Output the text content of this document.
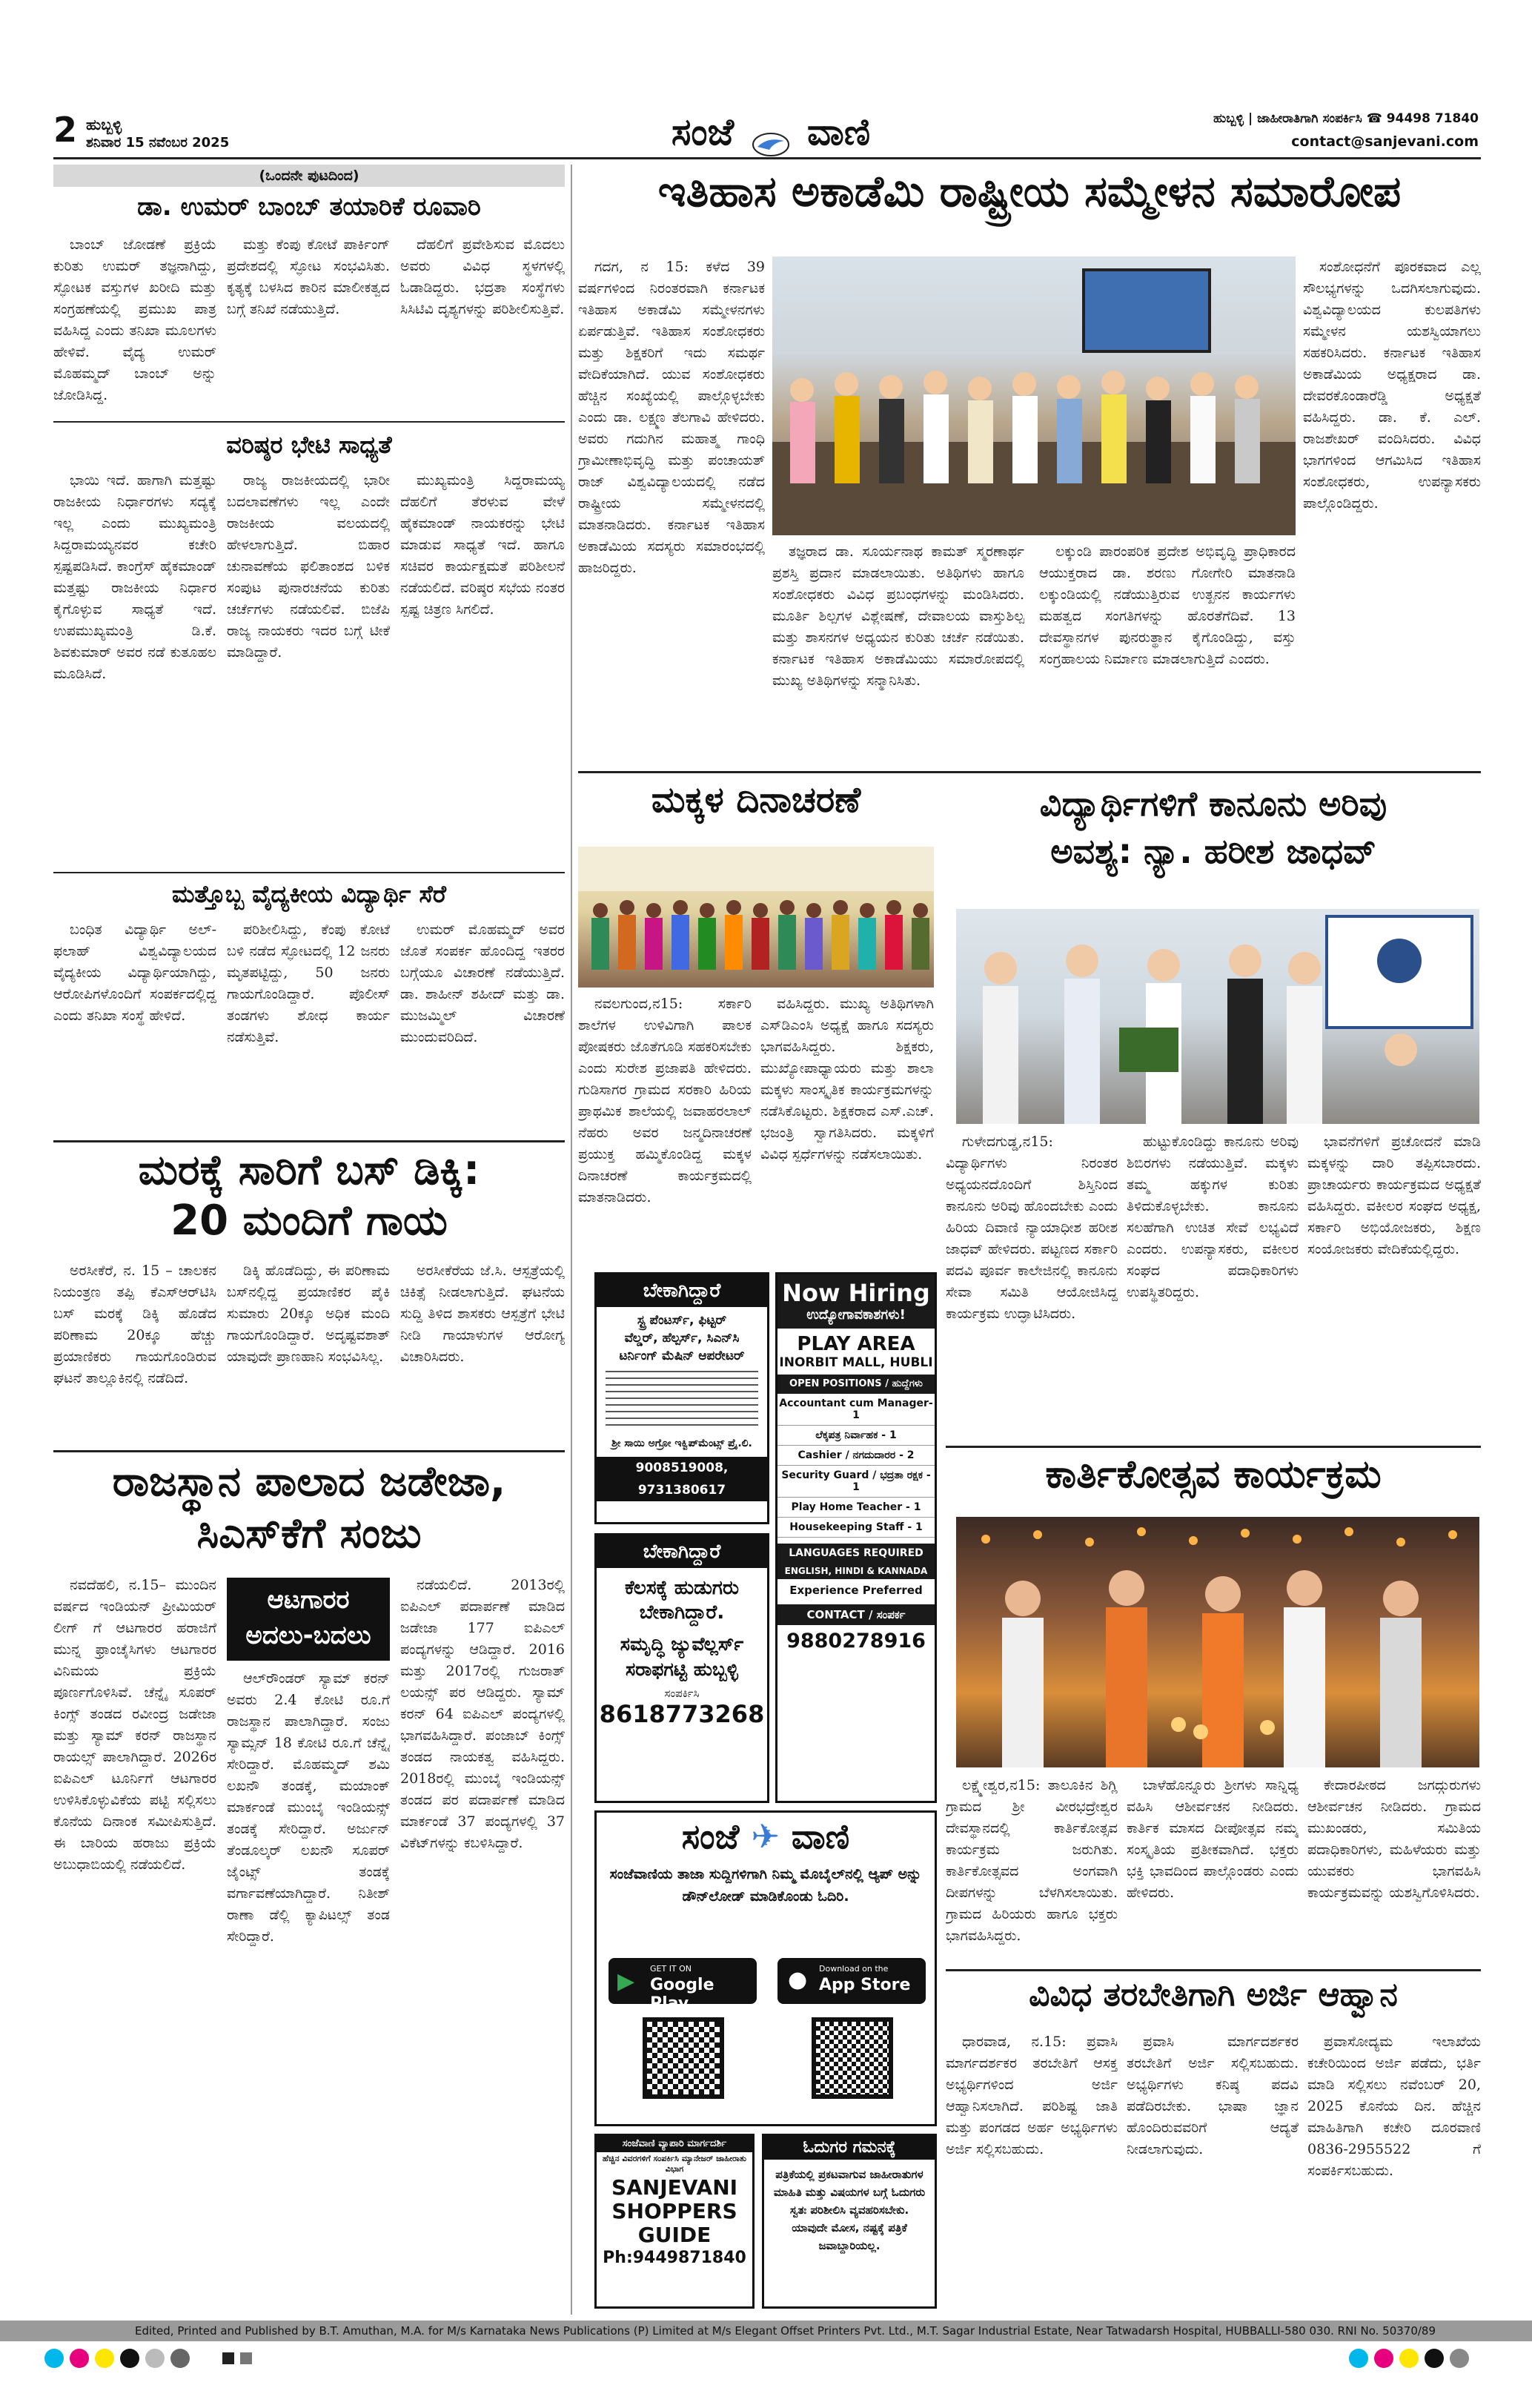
2 ಹುಬ್ಬಳ್ಳಿ
ಶನಿವಾರ 15 ನವೆಂಬರ 2025	ಸಂಜೆ ವಾಣಿ	ಹುಬ್ಬಳ್ಳಿ | ಜಾಹೀರಾತಿಗಾಗಿ ಸಂಪರ್ಕಿಸಿ ☎ 94498 71840
contact@sanjevani.com
(ಒಂದನೇ ಪುಟದಿಂದ)
ಡಾ. ಉಮರ್ ಬಾಂಬ್ ತಯಾರಿಕೆ ರೂವಾರಿ

ಬಾಂಬ್ ಜೋಡಣೆ ಪ್ರಕ್ರಿಯೆ ಕುರಿತು ಉಮರ್ ತಜ್ಞನಾಗಿದ್ದು, ಸ್ಫೋಟಕ ವಸ್ತುಗಳ ಖರೀದಿ ಮತ್ತು ಸಂಗ್ರಹಣೆಯಲ್ಲಿ ಪ್ರಮುಖ ಪಾತ್ರ ವಹಿಸಿದ್ದ ಎಂದು ತನಿಖಾ ಮೂಲಗಳು ಹೇಳಿವೆ. ವೈದ್ಯ ಉಮರ್ ಮೊಹಮ್ಮದ್ ಬಾಂಬ್ ಅನ್ನು ಜೋಡಿಸಿದ್ದ.

ಮತ್ತು ಕೆಂಪು ಕೋಟೆ ಪಾರ್ಕಿಂಗ್ ಪ್ರದೇಶದಲ್ಲಿ ಸ್ಫೋಟ ಸಂಭವಿಸಿತು. ಕೃತ್ಯಕ್ಕೆ ಬಳಸಿದ ಕಾರಿನ ಮಾಲೀಕತ್ವದ ಬಗ್ಗೆ ತನಿಖೆ ನಡೆಯುತ್ತಿದೆ.

ದೆಹಲಿಗೆ ಪ್ರವೇಶಿಸುವ ಮೊದಲು ಅವರು ವಿವಿಧ ಸ್ಥಳಗಳಲ್ಲಿ ಓಡಾಡಿದ್ದರು. ಭದ್ರತಾ ಸಂಸ್ಥೆಗಳು ಸಿಸಿಟಿವಿ ದೃಶ್ಯಗಳನ್ನು ಪರಿಶೀಲಿಸುತ್ತಿವೆ.

ವರಿಷ್ಠರ ಭೇಟಿ ಸಾಧ್ಯತೆ

ಭಾಯಿ ಇದೆ. ಹಾಗಾಗಿ ಮತ್ತಷ್ಟು ರಾಜಕೀಯ ನಿರ್ಧಾರಗಳು ಸದ್ಯಕ್ಕೆ ಇಲ್ಲ ಎಂದು ಮುಖ್ಯಮಂತ್ರಿ ಸಿದ್ದರಾಮಯ್ಯನವರ ಕಚೇರಿ ಸ್ಪಷ್ಟಪಡಿಸಿದೆ. ಕಾಂಗ್ರೆಸ್ ಹೈಕಮಾಂಡ್ ಮತ್ತಷ್ಟು ರಾಜಕೀಯ ನಿರ್ಧಾರ ಕೈಗೊಳ್ಳುವ ಸಾಧ್ಯತೆ ಇದೆ. ಉಪಮುಖ್ಯಮಂತ್ರಿ ಡಿ.ಕೆ. ಶಿವಕುಮಾರ್ ಅವರ ನಡೆ ಕುತೂಹಲ ಮೂಡಿಸಿದೆ.

ರಾಜ್ಯ ರಾಜಕೀಯದಲ್ಲಿ ಭಾರೀ ಬದಲಾವಣೆಗಳು ಇಲ್ಲ ಎಂದೇ ರಾಜಕೀಯ ವಲಯದಲ್ಲಿ ಹೇಳಲಾಗುತ್ತಿದೆ. ಬಿಹಾರ ಚುನಾವಣೆಯ ಫಲಿತಾಂಶದ ಬಳಿಕ ಸಂಪುಟ ಪುನಾರಚನೆಯ ಕುರಿತು ಚರ್ಚೆಗಳು ನಡೆಯಲಿವೆ. ಬಿಜೆಪಿ ರಾಜ್ಯ ನಾಯಕರು ಇದರ ಬಗ್ಗೆ ಟೀಕೆ ಮಾಡಿದ್ದಾರೆ.

ಮುಖ್ಯಮಂತ್ರಿ ಸಿದ್ದರಾಮಯ್ಯ ದೆಹಲಿಗೆ ತೆರಳುವ ವೇಳೆ ಹೈಕಮಾಂಡ್ ನಾಯಕರನ್ನು ಭೇಟಿ ಮಾಡುವ ಸಾಧ್ಯತೆ ಇದೆ. ಹಾಗೂ ಸಚಿವರ ಕಾರ್ಯಕ್ಷಮತೆ ಪರಿಶೀಲನೆ ನಡೆಯಲಿದೆ. ವರಿಷ್ಠರ ಸಭೆಯ ನಂತರ ಸ್ಪಷ್ಟ ಚಿತ್ರಣ ಸಿಗಲಿದೆ.

ಮತ್ತೊಬ್ಬ ವೈದ್ಯಕೀಯ ವಿದ್ಯಾರ್ಥಿ ಸೆರೆ

ಬಂಧಿತ ವಿದ್ಯಾರ್ಥಿ ಅಲ್-ಫಲಾಹ್ ವಿಶ್ವವಿದ್ಯಾಲಯದ ವೈದ್ಯಕೀಯ ವಿದ್ಯಾರ್ಥಿಯಾಗಿದ್ದು, ಆರೋಪಿಗಳೊಂದಿಗೆ ಸಂಪರ್ಕದಲ್ಲಿದ್ದ ಎಂದು ತನಿಖಾ ಸಂಸ್ಥೆ ಹೇಳಿದೆ.

ಪರಿಶೀಲಿಸಿದ್ದು, ಕೆಂಪು ಕೋಟೆ ಬಳಿ ನಡೆದ ಸ್ಫೋಟದಲ್ಲಿ 12 ಜನರು ಮೃತಪಟ್ಟಿದ್ದು, 50 ಜನರು ಗಾಯಗೊಂಡಿದ್ದಾರೆ. ಪೊಲೀಸ್ ತಂಡಗಳು ಶೋಧ ಕಾರ್ಯ ನಡೆಸುತ್ತಿವೆ.

ಉಮರ್ ಮೊಹಮ್ಮದ್ ಅವರ ಜೊತೆ ಸಂಪರ್ಕ ಹೊಂದಿದ್ದ ಇತರರ ಬಗ್ಗೆಯೂ ವಿಚಾರಣೆ ನಡೆಯುತ್ತಿದೆ. ಡಾ. ಶಾಹೀನ್ ಶಹೀದ್ ಮತ್ತು ಡಾ. ಮುಜಮ್ಮಿಲ್ ವಿಚಾರಣೆ ಮುಂದುವರಿದಿದೆ.

ಮರಕ್ಕೆ ಸಾರಿಗೆ ಬಸ್ ಡಿಕ್ಕಿ:
20 ಮಂದಿಗೆ ಗಾಯ

ಅರಸೀಕೆರೆ, ನ. 15 – ಚಾಲಕನ ನಿಯಂತ್ರಣ ತಪ್ಪಿ ಕೆಎಸ್‌ಆರ್‌ಟಿಸಿ ಬಸ್ ಮರಕ್ಕೆ ಡಿಕ್ಕಿ ಹೊಡೆದ ಪರಿಣಾಮ 20ಕ್ಕೂ ಹೆಚ್ಚು ಪ್ರಯಾಣಿಕರು ಗಾಯಗೊಂಡಿರುವ ಘಟನೆ ತಾಲ್ಲೂಕಿನಲ್ಲಿ ನಡೆದಿದೆ.

ಡಿಕ್ಕಿ ಹೊಡೆದಿದ್ದು, ಈ ಪರಿಣಾಮ ಬಸ್‌ನಲ್ಲಿದ್ದ ಪ್ರಯಾಣಿಕರ ಪೈಕಿ ಸುಮಾರು 20ಕ್ಕೂ ಅಧಿಕ ಮಂದಿ ಗಾಯಗೊಂಡಿದ್ದಾರೆ. ಅದೃಷ್ಟವಶಾತ್ ಯಾವುದೇ ಪ್ರಾಣಹಾನಿ ಸಂಭವಿಸಿಲ್ಲ.

ಅರಸೀಕೆರೆಯ ಜೆ.ಸಿ. ಆಸ್ಪತ್ರೆಯಲ್ಲಿ ಚಿಕಿತ್ಸೆ ನೀಡಲಾಗುತ್ತಿದೆ. ಘಟನೆಯ ಸುದ್ದಿ ತಿಳಿದ ಶಾಸಕರು ಆಸ್ಪತ್ರೆಗೆ ಭೇಟಿ ನೀಡಿ ಗಾಯಾಳುಗಳ ಆರೋಗ್ಯ ವಿಚಾರಿಸಿದರು.

ರಾಜಸ್ಥಾನ ಪಾಲಾದ ಜಡೇಜಾ,
ಸಿಎಸ್‌ಕೆಗೆ ಸಂಜು
ಆಟಗಾರರ
ಅದಲು-ಬದಲು

ನವದೆಹಲಿ, ನ.15– ಮುಂದಿನ ವರ್ಷದ ಇಂಡಿಯನ್ ಪ್ರೀಮಿಯರ್ ಲೀಗ್ ಗೆ ಆಟಗಾರರ ಹರಾಜಿಗೆ ಮುನ್ನ ಫ್ರಾಂಚೈಸಿಗಳು ಆಟಗಾರರ ವಿನಿಮಯ ಪ್ರಕ್ರಿಯೆ ಪೂರ್ಣಗೊಳಿಸಿವೆ. ಚೆನ್ನೈ ಸೂಪರ್ ಕಿಂಗ್ಸ್ ತಂಡದ ರವೀಂದ್ರ ಜಡೇಜಾ ಮತ್ತು ಸ್ಯಾಮ್ ಕರನ್ ರಾಜಸ್ಥಾನ ರಾಯಲ್ಸ್ ಪಾಲಾಗಿದ್ದಾರೆ. 2026ರ ಐಪಿಎಲ್ ಟೂರ್ನಿಗೆ ಆಟಗಾರರ ಉಳಿಸಿಕೊಳ್ಳುವಿಕೆಯ ಪಟ್ಟಿ ಸಲ್ಲಿಸಲು ಕೊನೆಯ ದಿನಾಂಕ ಸಮೀಪಿಸುತ್ತಿದೆ. ಈ ಬಾರಿಯ ಹರಾಜು ಪ್ರಕ್ರಿಯೆ ಅಬುಧಾಬಿಯಲ್ಲಿ ನಡೆಯಲಿದೆ.

ಆಲ್‌ರೌಂಡರ್ ಸ್ಯಾಮ್ ಕರನ್ ಅವರು 2.4 ಕೋಟಿ ರೂ.ಗೆ ರಾಜಸ್ಥಾನ ಪಾಲಾಗಿದ್ದಾರೆ. ಸಂಜು ಸ್ಯಾಮ್ಸನ್ 18 ಕೋಟಿ ರೂ.ಗೆ ಚೆನ್ನೈ ಸೇರಿದ್ದಾರೆ. ಮೊಹಮ್ಮದ್ ಶಮಿ ಲಖನೌ ತಂಡಕ್ಕೆ, ಮಯಾಂಕ್ ಮಾರ್ಕಂಡೆ ಮುಂಬೈ ಇಂಡಿಯನ್ಸ್ ತಂಡಕ್ಕೆ ಸೇರಿದ್ದಾರೆ. ಅರ್ಜುನ್ ತೆಂಡೂಲ್ಕರ್ ಲಖನೌ ಸೂಪರ್ ಜೈಂಟ್ಸ್ ತಂಡಕ್ಕೆ ವರ್ಗಾವಣೆಯಾಗಿದ್ದಾರೆ. ನಿತೀಶ್ ರಾಣಾ ಡೆಲ್ಲಿ ಕ್ಯಾಪಿಟಲ್ಸ್ ತಂಡ ಸೇರಿದ್ದಾರೆ.

ನಡೆಯಲಿದೆ. 2013ರಲ್ಲಿ ಐಪಿಎಲ್ ಪದಾರ್ಪಣೆ ಮಾಡಿದ ಜಡೇಜಾ 177 ಐಪಿಎಲ್ ಪಂದ್ಯಗಳನ್ನು ಆಡಿದ್ದಾರೆ. 2016 ಮತ್ತು 2017ರಲ್ಲಿ ಗುಜರಾತ್ ಲಯನ್ಸ್ ಪರ ಆಡಿದ್ದರು. ಸ್ಯಾಮ್ ಕರನ್ 64 ಐಪಿಎಲ್ ಪಂದ್ಯಗಳಲ್ಲಿ ಭಾಗವಹಿಸಿದ್ದಾರೆ. ಪಂಜಾಬ್ ಕಿಂಗ್ಸ್ ತಂಡದ ನಾಯಕತ್ವ ವಹಿಸಿದ್ದರು. 2018ರಲ್ಲಿ ಮುಂಬೈ ಇಂಡಿಯನ್ಸ್ ತಂಡದ ಪರ ಪದಾರ್ಪಣೆ ಮಾಡಿದ ಮಾರ್ಕಂಡೆ 37 ಪಂದ್ಯಗಳಲ್ಲಿ 37 ವಿಕೆಟ್‌ಗಳನ್ನು ಕಬಳಿಸಿದ್ದಾರೆ.

ಇತಿಹಾಸ ಅಕಾಡೆಮಿ ರಾಷ್ಟ್ರೀಯ ಸಮ್ಮೇಳನ ಸಮಾರೋಪ

ಗದಗ, ನ 15: ಕಳೆದ 39 ವರ್ಷಗಳಿಂದ ನಿರಂತರವಾಗಿ ಕರ್ನಾಟಕ ಇತಿಹಾಸ ಅಕಾಡೆಮಿ ಸಮ್ಮೇಳನಗಳು ಏರ್ಪಡುತ್ತಿವೆ. ಇತಿಹಾಸ ಸಂಶೋಧಕರು ಮತ್ತು ಶಿಕ್ಷಕರಿಗೆ ಇದು ಸಮರ್ಥ ವೇದಿಕೆಯಾಗಿದೆ. ಯುವ ಸಂಶೋಧಕರು ಹೆಚ್ಚಿನ ಸಂಖ್ಯೆಯಲ್ಲಿ ಪಾಲ್ಗೊಳ್ಳಬೇಕು ಎಂದು ಡಾ. ಲಕ್ಷ್ಮಣ ತೆಲಗಾವಿ ಹೇಳಿದರು. ಅವರು ಗದುಗಿನ ಮಹಾತ್ಮ ಗಾಂಧಿ ಗ್ರಾಮೀಣಾಭಿವೃದ್ಧಿ ಮತ್ತು ಪಂಚಾಯತ್ ರಾಜ್ ವಿಶ್ವವಿದ್ಯಾಲಯದಲ್ಲಿ ನಡೆದ ರಾಷ್ಟ್ರೀಯ ಸಮ್ಮೇಳನದಲ್ಲಿ ಮಾತನಾಡಿದರು. ಕರ್ನಾಟಕ ಇತಿಹಾಸ ಅಕಾಡೆಮಿಯ ಸದಸ್ಯರು ಸಮಾರಂಭದಲ್ಲಿ ಹಾಜರಿದ್ದರು.

ತಜ್ಞರಾದ ಡಾ. ಸೂರ್ಯನಾಥ ಕಾಮತ್ ಸ್ಮರಣಾರ್ಥ ಪ್ರಶಸ್ತಿ ಪ್ರದಾನ ಮಾಡಲಾಯಿತು. ಅತಿಥಿಗಳು ಹಾಗೂ ಸಂಶೋಧಕರು ವಿವಿಧ ಪ್ರಬಂಧಗಳನ್ನು ಮಂಡಿಸಿದರು. ಮೂರ್ತಿ ಶಿಲ್ಪಗಳ ವಿಶ್ಲೇಷಣೆ, ದೇವಾಲಯ ವಾಸ್ತುಶಿಲ್ಪ ಮತ್ತು ಶಾಸನಗಳ ಅಧ್ಯಯನ ಕುರಿತು ಚರ್ಚೆ ನಡೆಯಿತು. ಕರ್ನಾಟಕ ಇತಿಹಾಸ ಅಕಾಡೆಮಿಯು ಸಮಾರೋಪದಲ್ಲಿ ಮುಖ್ಯ ಅತಿಥಿಗಳನ್ನು ಸನ್ಮಾನಿಸಿತು.

ಲಕ್ಕುಂಡಿ ಪಾರಂಪರಿಕ ಪ್ರದೇಶ ಅಭಿವೃದ್ಧಿ ಪ್ರಾಧಿಕಾರದ ಆಯುಕ್ತರಾದ ಡಾ. ಶರಣು ಗೋಗೇರಿ ಮಾತನಾಡಿ ಲಕ್ಕುಂಡಿಯಲ್ಲಿ ನಡೆಯುತ್ತಿರುವ ಉತ್ಖನನ ಕಾರ್ಯಗಳು ಮಹತ್ವದ ಸಂಗತಿಗಳನ್ನು ಹೊರತೆಗೆದಿವೆ. 13 ದೇವಸ್ಥಾನಗಳ ಪುನರುತ್ಥಾನ ಕೈಗೊಂಡಿದ್ದು, ವಸ್ತು ಸಂಗ್ರಹಾಲಯ ನಿರ್ಮಾಣ ಮಾಡಲಾಗುತ್ತಿದೆ ಎಂದರು.

ಸಂಶೋಧನೆಗೆ ಪೂರಕವಾದ ಎಲ್ಲ ಸೌಲಭ್ಯಗಳನ್ನು ಒದಗಿಸಲಾಗುವುದು. ವಿಶ್ವವಿದ್ಯಾಲಯದ ಕುಲಪತಿಗಳು ಸಮ್ಮೇಳನ ಯಶಸ್ವಿಯಾಗಲು ಸಹಕರಿಸಿದರು. ಕರ್ನಾಟಕ ಇತಿಹಾಸ ಅಕಾಡೆಮಿಯ ಅಧ್ಯಕ್ಷರಾದ ಡಾ. ದೇವರಕೊಂಡಾರೆಡ್ಡಿ ಅಧ್ಯಕ್ಷತೆ ವಹಿಸಿದ್ದರು. ಡಾ. ಕೆ. ಎಲ್. ರಾಜಶೇಖರ್ ವಂದಿಸಿದರು. ವಿವಿಧ ಭಾಗಗಳಿಂದ ಆಗಮಿಸಿದ ಇತಿಹಾಸ ಸಂಶೋಧಕರು, ಉಪನ್ಯಾಸಕರು ಪಾಲ್ಗೊಂಡಿದ್ದರು.

ಮಕ್ಕಳ ದಿನಾಚರಣೆ

ನವಲಗುಂದ,ನ15: ಸರ್ಕಾರಿ ಶಾಲೆಗಳ ಉಳಿವಿಗಾಗಿ ಪಾಲಕ ಪೋಷಕರು ಜೊತೆಗೂಡಿ ಸಹಕರಿಸಬೇಕು ಎಂದು ಸುರೇಶ ಪ್ರಜಾಪತಿ ಹೇಳಿದರು. ಗುಡಿಸಾಗರ ಗ್ರಾಮದ ಸರಕಾರಿ ಹಿರಿಯ ಪ್ರಾಥಮಿಕ ಶಾಲೆಯಲ್ಲಿ ಜವಾಹರಲಾಲ್ ನೆಹರು ಅವರ ಜನ್ಮದಿನಾಚರಣೆ ಪ್ರಯುಕ್ತ ಹಮ್ಮಿಕೊಂಡಿದ್ದ ಮಕ್ಕಳ ದಿನಾಚರಣೆ ಕಾರ್ಯಕ್ರಮದಲ್ಲಿ ಮಾತನಾಡಿದರು.

ವಹಿಸಿದ್ದರು. ಮುಖ್ಯ ಅತಿಥಿಗಳಾಗಿ ಎಸ್‌ಡಿಎಂಸಿ ಅಧ್ಯಕ್ಷೆ ಹಾಗೂ ಸದಸ್ಯರು ಭಾಗವಹಿಸಿದ್ದರು. ಶಿಕ್ಷಕರು, ಮುಖ್ಯೋಪಾಧ್ಯಾಯರು ಮತ್ತು ಶಾಲಾ ಮಕ್ಕಳು ಸಾಂಸ್ಕೃತಿಕ ಕಾರ್ಯಕ್ರಮಗಳನ್ನು ನಡೆಸಿಕೊಟ್ಟರು. ಶಿಕ್ಷಕರಾದ ಎಸ್.ಎಚ್. ಭಜಂತ್ರಿ ಸ್ವಾಗತಿಸಿದರು. ಮಕ್ಕಳಿಗೆ ವಿವಿಧ ಸ್ಪರ್ಧೆಗಳನ್ನು ನಡೆಸಲಾಯಿತು.

ವಿದ್ಯಾರ್ಥಿಗಳಿಗೆ ಕಾನೂನು ಅರಿವು
ಅವಶ್ಯ: ನ್ಯಾ. ಹರೀಶ ಜಾಧವ್

ಗುಳೇದಗುಡ್ಡ,ನ15: ವಿದ್ಯಾರ್ಥಿಗಳು ನಿರಂತರ ಅಧ್ಯಯನದೊಂದಿಗೆ ಶಿಸ್ತಿನಿಂದ ಕಾನೂನು ಅರಿವು ಹೊಂದಬೇಕು ಎಂದು ಹಿರಿಯ ದಿವಾಣಿ ನ್ಯಾಯಾಧೀಶ ಹರೀಶ ಜಾಧವ್ ಹೇಳಿದರು. ಪಟ್ಟಣದ ಸರ್ಕಾರಿ ಪದವಿ ಪೂರ್ವ ಕಾಲೇಜಿನಲ್ಲಿ ಕಾನೂನು ಸೇವಾ ಸಮಿತಿ ಆಯೋಜಿಸಿದ್ದ ಕಾರ್ಯಕ್ರಮ ಉದ್ಘಾಟಿಸಿದರು.

ಹುಟ್ಟುಕೊಂಡಿದ್ದು ಕಾನೂನು ಅರಿವು ಶಿಬಿರಗಳು ನಡೆಯುತ್ತಿವೆ. ಮಕ್ಕಳು ತಮ್ಮ ಹಕ್ಕುಗಳ ಕುರಿತು ತಿಳಿದುಕೊಳ್ಳಬೇಕು. ಕಾನೂನು ಸಲಹೆಗಾಗಿ ಉಚಿತ ಸೇವೆ ಲಭ್ಯವಿದೆ ಎಂದರು. ಉಪನ್ಯಾಸಕರು, ವಕೀಲರ ಸಂಘದ ಪದಾಧಿಕಾರಿಗಳು ಉಪಸ್ಥಿತರಿದ್ದರು.

ಭಾವನೆಗಳಿಗೆ ಪ್ರಚೋದನೆ ಮಾಡಿ ಮಕ್ಕಳನ್ನು ದಾರಿ ತಪ್ಪಿಸಬಾರದು. ಪ್ರಾಚಾರ್ಯರು ಕಾರ್ಯಕ್ರಮದ ಅಧ್ಯಕ್ಷತೆ ವಹಿಸಿದ್ದರು. ವಕೀಲರ ಸಂಘದ ಅಧ್ಯಕ್ಷ, ಸರ್ಕಾರಿ ಅಭಿಯೋಜಕರು, ಶಿಕ್ಷಣ ಸಂಯೋಜಕರು ವೇದಿಕೆಯಲ್ಲಿದ್ದರು.

ಬೇಕಾಗಿದ್ದಾರೆ
ಸ್ಟ್ರ ಪೆಂಟರ್ಸ್, ಫಿಟ್ಟರ್
ವೆಲ್ಡರ್, ಹೆಲ್ಪರ್ಸ್, ಸಿಎನ್‌ಸಿ
ಟರ್ನಿಂಗ್ ಮೆಷಿನ್ ಆಪರೇಟರ್
ಶ್ರೀ ಸಾಯಿ ಅಗ್ರೋ ಇಕ್ವಿಪ್‌ಮೆಂಟ್ಸ್ ಪ್ರೈ.ಲಿ.
9008519008, 9731380617
ಬೇಕಾಗಿದ್ದಾರೆ
ಕೆಲಸಕ್ಕೆ ಹುಡುಗರು
ಬೇಕಾಗಿದ್ದಾರೆ.
ಸಮೃದ್ಧಿ ಜ್ಯುವೆಲ್ಲರ್ಸ್
ಸರಾಫಗಟ್ಟಿ ಹುಬ್ಬಳ್ಳಿ
ಸಂಪರ್ಕಿಸಿ
8618773268
Now Hiring
ಉದ್ಯೋಗಾವಕಾಶಗಳು!
PLAY AREA
INORBIT MALL, HUBLI
OPEN POSITIONS / ಹುದ್ದೆಗಳು
Accountant cum Manager-1
ಲೆಕ್ಕಪತ್ರ ನಿರ್ವಾಹಕ - 1
Cashier / ನಗದುದಾರರ - 2
Security Guard / ಭದ್ರತಾ ರಕ್ಷಕ - 1
Play Home Teacher - 1
Housekeeping Staff - 1
LANGUAGES REQUIRED
ENGLISH, HINDI & KANNADA
Experience Preferred
CONTACT / ಸಂಪರ್ಕ
9880278916
ಸಂಜೆ ✈ ವಾಣಿ
ಸಂಜೆವಾಣಿಯ ತಾಜಾ ಸುದ್ದಿಗಳಿಗಾಗಿ ನಿಮ್ಮ ಮೊಬೈಲ್‌ನಲ್ಲಿ ಆ್ಯಪ್ ಅನ್ನು ಡೌನ್‌ಲೋಡ್ ಮಾಡಿಕೊಂಡು ಓದಿರಿ.
▶ GET IT ON
Google Play
● Download on the
App Store
ಸಂಜೆವಾಣಿ ವ್ಯಾಪಾರಿ ಮಾರ್ಗದರ್ಶಿ
ಹೆಚ್ಚಿನ ವಿವರಗಳಿಗೆ ಸಂಪರ್ಕಿಸಿ ಮ್ಯಾನೇಜರ್ ಜಾಹೀರಾತು ವಿಭಾಗ
SANJEVANI
SHOPPERS
GUIDE
Ph:9449871840
ಓದುಗರ ಗಮನಕ್ಕೆ
ಪತ್ರಿಕೆಯಲ್ಲಿ ಪ್ರಕಟವಾಗುವ ಜಾಹೀರಾತುಗಳ ಮಾಹಿತಿ ಮತ್ತು ವಿಷಯಗಳ ಬಗ್ಗೆ ಓದುಗರು ಸ್ವತಃ ಪರಿಶೀಲಿಸಿ ವ್ಯವಹರಿಸಬೇಕು. ಯಾವುದೇ ಮೋಸ, ನಷ್ಟಕ್ಕೆ ಪತ್ರಿಕೆ ಜವಾಬ್ದಾರಿಯಲ್ಲ.
ಕಾರ್ತಿಕೋತ್ಸವ ಕಾರ್ಯಕ್ರಮ

ಲಕ್ಷ್ಮೇಶ್ವರ,ನ15: ತಾಲೂಕಿನ ಶಿಗ್ಲಿ ಗ್ರಾಮದ ಶ್ರೀ ವೀರಭದ್ರೇಶ್ವರ ದೇವಸ್ಥಾನದಲ್ಲಿ ಕಾರ್ತಿಕೋತ್ಸವ ಕಾರ್ಯಕ್ರಮ ಜರುಗಿತು. ಕಾರ್ತಿಕೋತ್ಸವದ ಅಂಗವಾಗಿ ದೀಪಗಳನ್ನು ಬೆಳಗಿಸಲಾಯಿತು. ಗ್ರಾಮದ ಹಿರಿಯರು ಹಾಗೂ ಭಕ್ತರು ಭಾಗವಹಿಸಿದ್ದರು.

ಬಾಳೆಹೊನ್ನೂರು ಶ್ರೀಗಳು ಸಾನ್ನಿಧ್ಯ ವಹಿಸಿ ಆಶೀರ್ವಚನ ನೀಡಿದರು. ಕಾರ್ತಿಕ ಮಾಸದ ದೀಪೋತ್ಸವ ನಮ್ಮ ಸಂಸ್ಕೃತಿಯ ಪ್ರತೀಕವಾಗಿದೆ. ಭಕ್ತರು ಭಕ್ತಿ ಭಾವದಿಂದ ಪಾಲ್ಗೊಂಡರು ಎಂದು ಹೇಳಿದರು.

ಕೇದಾರಪೀಠದ ಜಗದ್ಗುರುಗಳು ಆಶೀರ್ವಚನ ನೀಡಿದರು. ಗ್ರಾಮದ ಮುಖಂಡರು, ಸಮಿತಿಯ ಪದಾಧಿಕಾರಿಗಳು, ಮಹಿಳೆಯರು ಮತ್ತು ಯುವಕರು ಭಾಗವಹಿಸಿ ಕಾರ್ಯಕ್ರಮವನ್ನು ಯಶಸ್ವಿಗೊಳಿಸಿದರು.

ವಿವಿಧ ತರಬೇತಿಗಾಗಿ ಅರ್ಜಿ ಆಹ್ವಾನ

ಧಾರವಾಡ, ನ.15: ಪ್ರವಾಸಿ ಮಾರ್ಗದರ್ಶಕರ ತರಬೇತಿಗೆ ಆಸಕ್ತ ಅಭ್ಯರ್ಥಿಗಳಿಂದ ಅರ್ಜಿ ಆಹ್ವಾನಿಸಲಾಗಿದೆ. ಪರಿಶಿಷ್ಟ ಜಾತಿ ಮತ್ತು ಪಂಗಡದ ಅರ್ಹ ಅಭ್ಯರ್ಥಿಗಳು ಅರ್ಜಿ ಸಲ್ಲಿಸಬಹುದು.

ಪ್ರವಾಸಿ ಮಾರ್ಗದರ್ಶಕರ ತರಬೇತಿಗೆ ಅರ್ಜಿ ಸಲ್ಲಿಸಬಹುದು. ಅಭ್ಯರ್ಥಿಗಳು ಕನಿಷ್ಠ ಪದವಿ ಪಡೆದಿರಬೇಕು. ಭಾಷಾ ಜ್ಞಾನ ಹೊಂದಿರುವವರಿಗೆ ಆದ್ಯತೆ ನೀಡಲಾಗುವುದು.

ಪ್ರವಾಸೋದ್ಯಮ ಇಲಾಖೆಯ ಕಚೇರಿಯಿಂದ ಅರ್ಜಿ ಪಡೆದು, ಭರ್ತಿ ಮಾಡಿ ಸಲ್ಲಿಸಲು ನವೆಂಬರ್ 20, 2025 ಕೊನೆಯ ದಿನ. ಹೆಚ್ಚಿನ ಮಾಹಿತಿಗಾಗಿ ಕಚೇರಿ ದೂರವಾಣಿ 0836-2955522 ಗೆ ಸಂಪರ್ಕಿಸಬಹುದು.

Edited, Printed and Published by B.T. Amuthan, M.A. for M/s Karnataka News Publications (P) Limited at M/s Elegant Offset Printers Pvt. Ltd., M.T. Sagar Industrial Estate, Near Tatwadarsh Hospital, HUBBALLI-580 030. RNI No. 50370/89
